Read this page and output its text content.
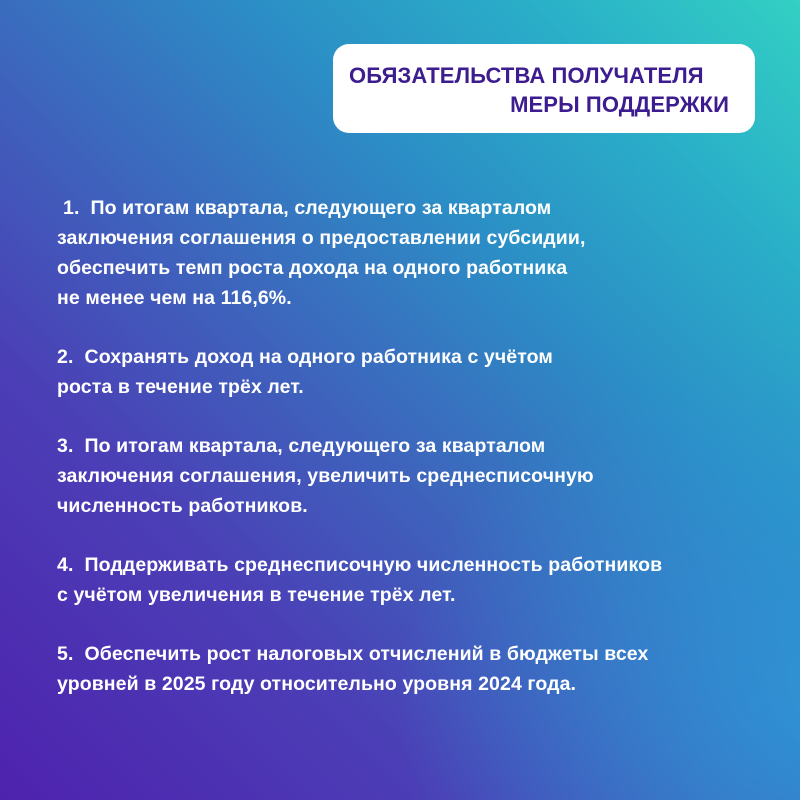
ОБЯЗАТЕЛЬСТВА ПОЛУЧАТЕЛЯ
МЕРЫ ПОДДЕРЖКИ
1. По итогам квартала, следующего за кварталом
заключения соглашения о предоставлении субсидии,
обеспечить темп роста дохода на одного работника
не менее чем на 116,6%.
2. Сохранять доход на одного работника с учётом
роста в течение трёх лет.
3. По итогам квартала, следующего за кварталом
заключения соглашения, увеличить среднесписочную
численность работников.
4. Поддерживать среднесписочную численность работников
с учётом увеличения в течение трёх лет.
5. Обеспечить рост налоговых отчислений в бюджеты всех
уровней в 2025 году относительно уровня 2024 года.
